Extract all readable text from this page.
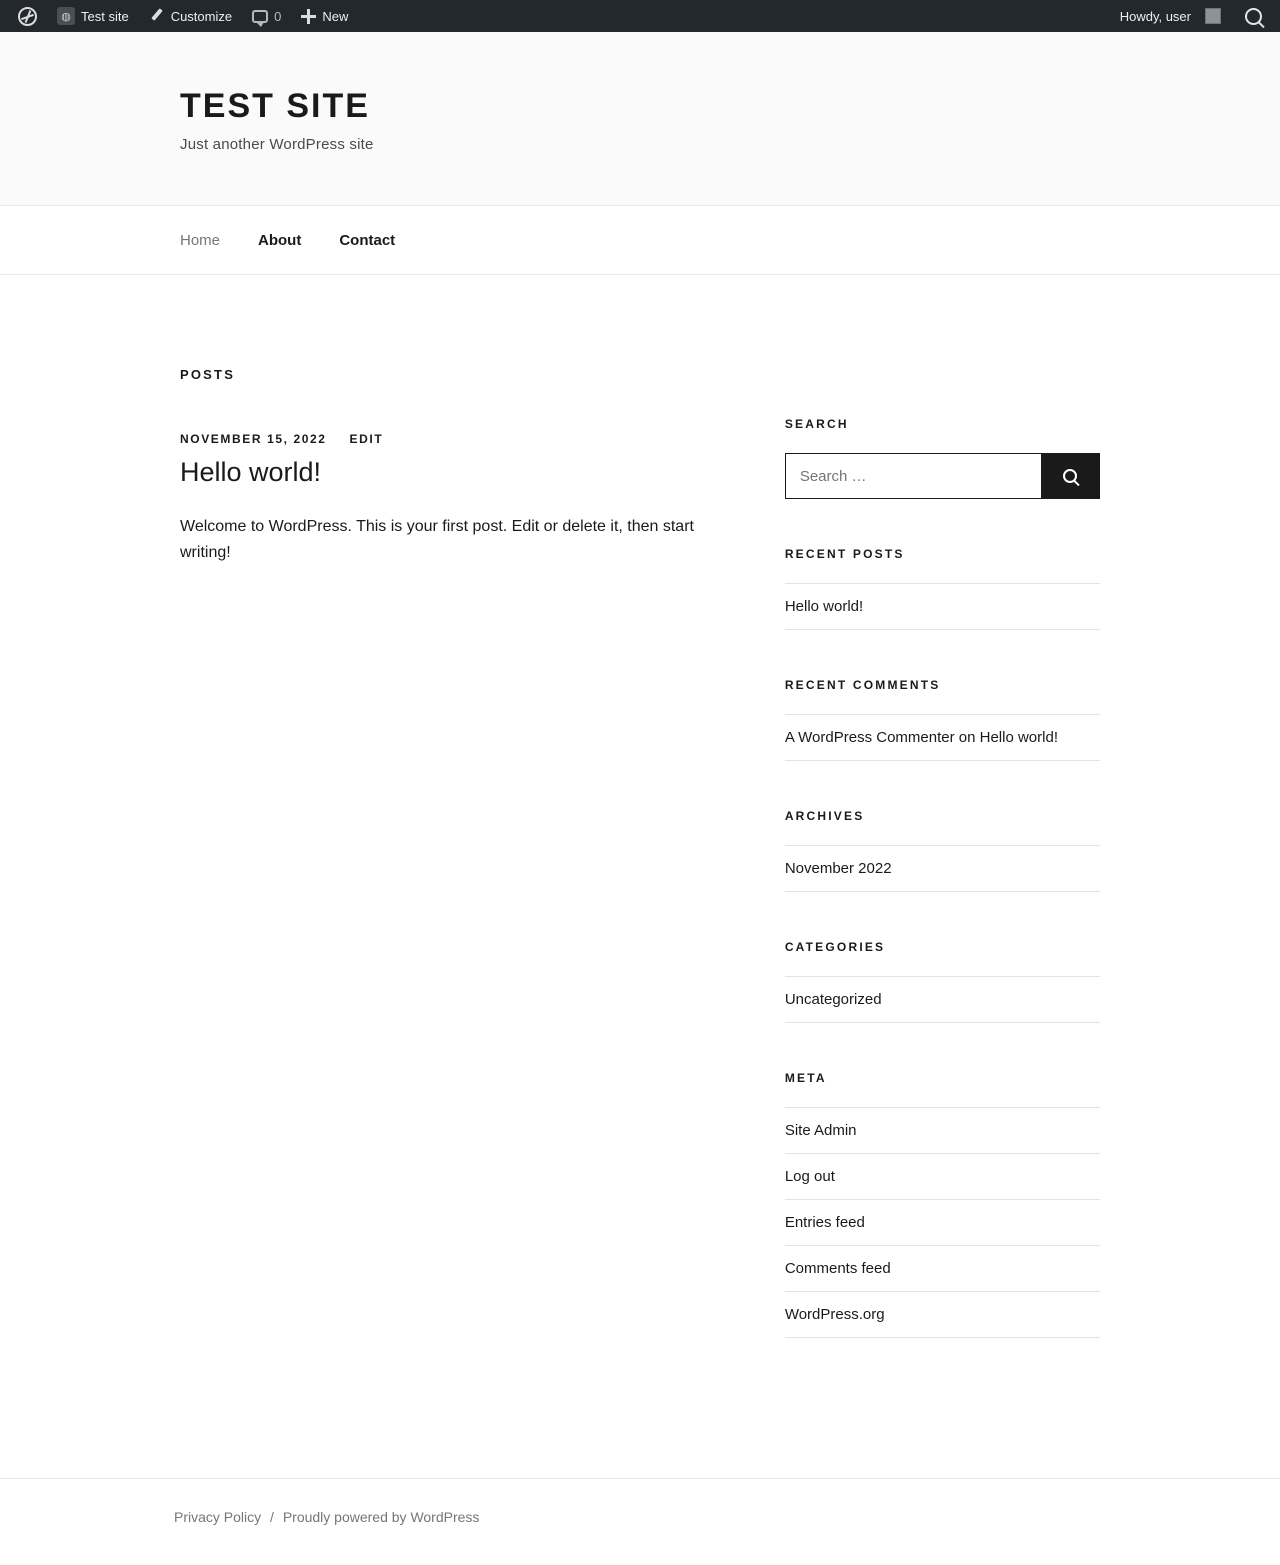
◍ Test site	Customize	0	New	Howdy, user
TEST SITE

Just another WordPress site

Home	About	Contact
POSTS
NOVEMBER 15, 2022 EDIT
Hello world!

Welcome to WordPress. This is your first post. Edit or delete it, then start writing!

SEARCH
Search …
RECENT POSTS
Hello world!
RECENT COMMENTS
A WordPress Commenter on Hello world!
ARCHIVES
November 2022
CATEGORIES
Uncategorized
META
Site Admin
Log out
Entries feed
Comments feed
WordPress.org
Privacy Policy / Proudly powered by WordPress
